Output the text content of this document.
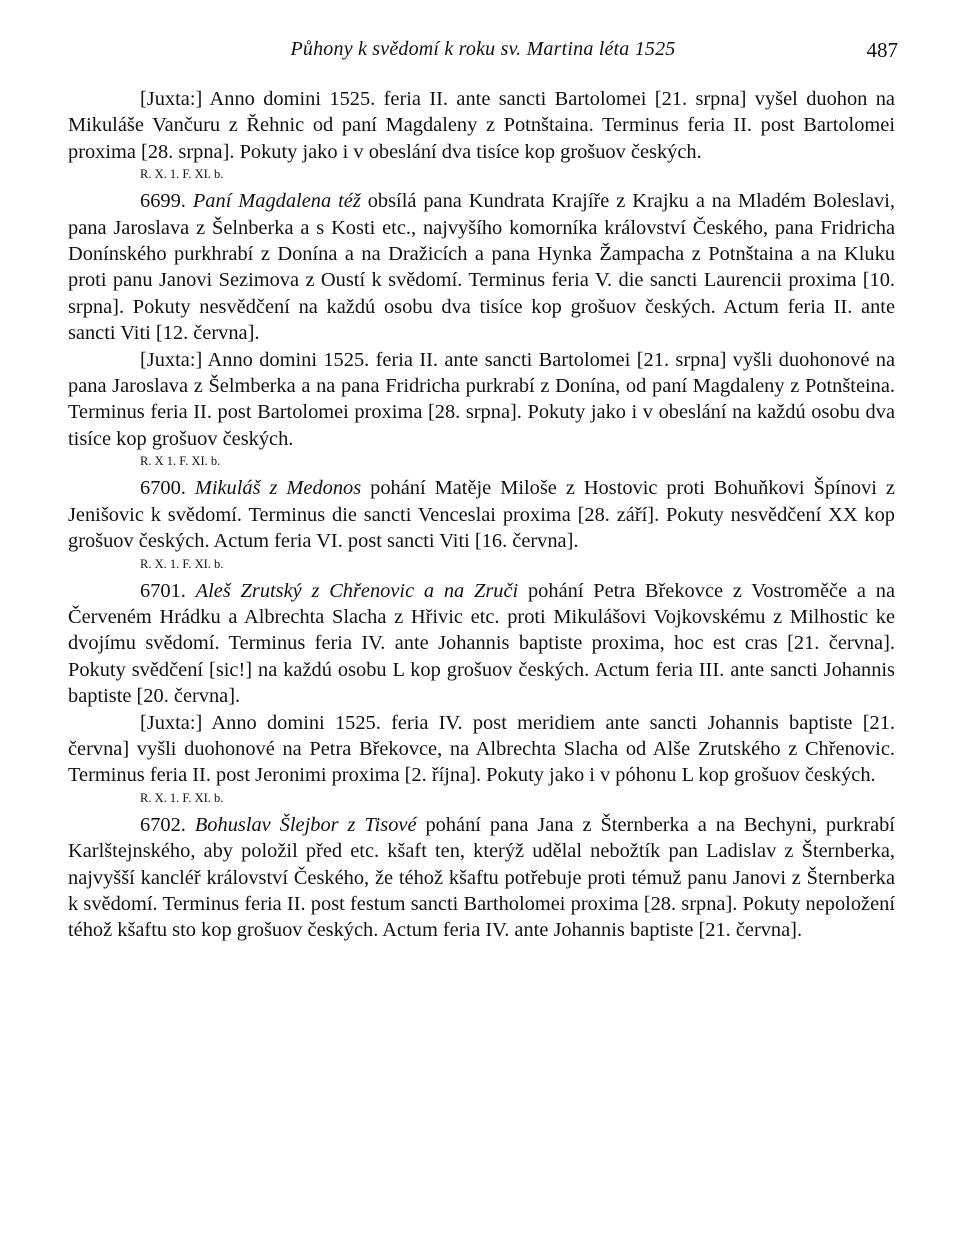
Půhony k svědomí k roku sv. Martina léta 1525	487

[Juxta:] Anno domini 1525. feria II. ante sancti Bartolomei [21. srpna] vyšel duohon na Mikuláše Vančuru z Řehnic od paní Magdaleny z Potnštaina. Terminus feria II. post Bartolomei proxima [28. srpna]. Pokuty jako i v obeslání dva tisíce kop grošuov českých.

R. X. 1. F. XI. b.

6699. Paní Magdalena též obsílá pana Kundrata Krajíře z Krajku a na Mladém Boleslavi, pana Jaroslava z Šelnberka a s Kosti etc., najvyšího komorníka království Českého, pana Fridricha Donínského purkhrabí z Donína a na Dražicích a pana Hynka Žampacha z Potnštaina a na Kluku proti panu Janovi Sezimova z Oustí k svědomí. Terminus feria V. die sancti Laurencii proxima [10. srpna]. Pokuty nesvědčení na každú osobu dva tisíce kop grošuov českých. Actum feria II. ante sancti Viti [12. června].

[Juxta:] Anno domini 1525. feria II. ante sancti Bartolomei [21. srpna] vyšli duohonové na pana Jaroslava z Šelmberka a na pana Fridricha purkrabí z Donína, od paní Magdaleny z Potnšteina. Terminus feria II. post Bartolomei proxima [28. srpna]. Pokuty jako i v obeslání na každú osobu dva tisíce kop grošuov českých.

R. X 1. F. XI. b.

6700. Mikuláš z Medonos pohání Matěje Miloše z Hostovic proti Bohuňkovi Špínovi z Jenišovic k svědomí. Terminus die sancti Venceslai proxima [28. září]. Pokuty nesvědčení XX kop grošuov českých. Actum feria VI. post sancti Viti [16. června].

R. X. 1. F. XI. b.

6701. Aleš Zrutský z Chřenovic a na Zruči pohání Petra Břekovce z Vostroměče a na Červeném Hrádku a Albrechta Slacha z Hřivic etc. proti Mikulášovi Vojkovskému z Milhostic ke dvojímu svědomí. Terminus feria IV. ante Johannis baptiste proxima, hoc est cras [21. června]. Pokuty svědčení [sic!] na každú osobu L kop grošuov českých. Actum feria III. ante sancti Johannis baptiste [20. června].

[Juxta:] Anno domini 1525. feria IV. post meridiem ante sancti Johannis baptiste [21. června] vyšli duohonové na Petra Břekovce, na Albrechta Slacha od Alše Zrutského z Chřenovic. Terminus feria II. post Jeronimi proxima [2. října]. Pokuty jako i v póhonu L kop grošuov českých.

R. X. 1. F. XI. b.

6702. Bohuslav Šlejbor z Tisové pohání pana Jana z Šternberka a na Bechyni, purkrabí Karlštejnského, aby položil před etc. kšaft ten, kterýž udělal nebožtík pan Ladislav z Šternberka, najvyšší kancléř království Českého, že téhož kšaftu potřebuje proti témuž panu Janovi z Šternberka k svědomí. Terminus feria II. post festum sancti Bartholomei proxima [28. srpna]. Pokuty nepoložení téhož kšaftu sto kop grošuov českých. Actum feria IV. ante Johannis baptiste [21. června].
